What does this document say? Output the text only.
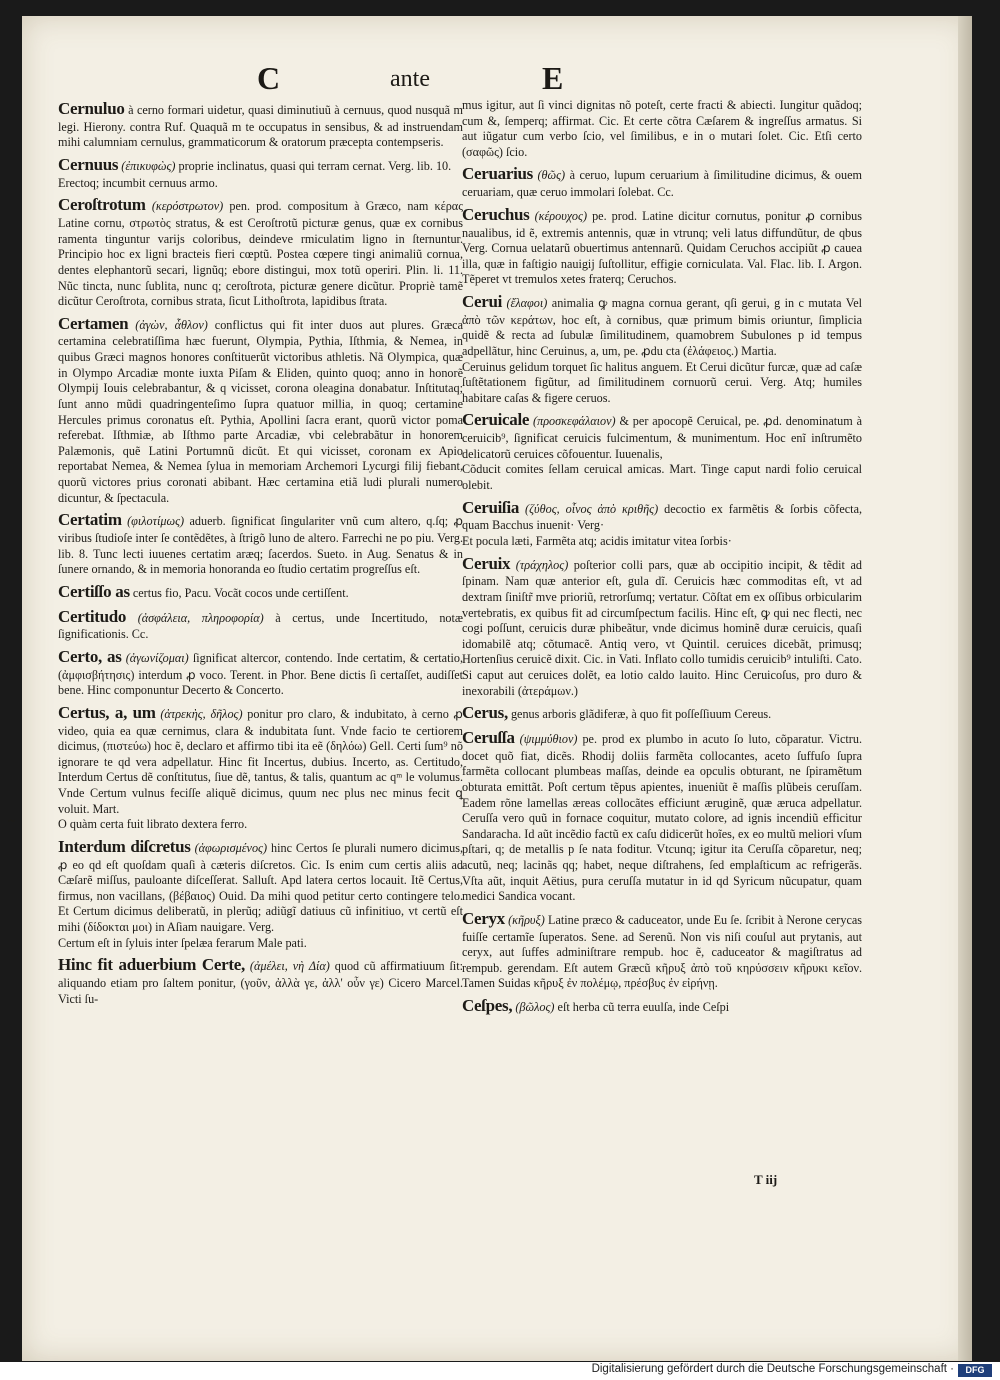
C	ante	E

Cernuluo à cerno formari uidetur, quasi diminutiuũ à cernuus, quod nusquã m legi. Hierony. contra Ruf. Quaquã m te occupatus in sensibus, & ad instruendam mihi calumniam cernulus, grammaticorum & oratorum præcepta contempseris.

Cernuus (ἐπικυφὼς) proprie inclinatus, quasi qui terram cernat. Verg. lib. 10.

Erectoq; incumbit cernuus armo.

Ceroſtrotum (κερόστρωτον) pen. prod. compositum à Græco, nam κέρας Latine cornu, στρωτὸς stratus, & est Ceroſtrotũ picturæ genus, quæ ex cornibus ramenta tinguntur varijs coloribus, deindeve rmiculatim ligno in ſternuntur. Principio hoc ex ligni bracteis fieri cœptũ. Postea cœpere tingi animaliũ cornua, dentes elephantorũ secari, lignũq; ebore distingui, mox totũ operiri. Plin. li. 11. Nũc tincta, nunc ſublita, nunc q; ceroſtrota, picturæ genere dicũtur. Propriè tamẽ dicũtur Ceroſtrota, cornibus strata, ſicut Lithoſtrota, lapidibus ſtrata.

Certamen (ἀγὼν, ἆθλον) conflictus qui fit inter duos aut plures. Græca certamina celebratiſſima hæc fuerunt, Olympia, Pythia, Iſthmia, & Nemea, in quibus Græci magnos honores conſtituerũt victoribus athletis. Nã Olympica, quæ in Olympo Arcadiæ monte iuxta Piſam & Eliden, quinto quoq; anno in honorẽ Olympij Iouis celebrabantur, & q vicisset, corona oleagina donabatur. Inſtitutaq; ſunt anno mũdi quadringenteſimo ſupra quatuor millia, in quoq; certamine Hercules primus coronatus eſt. Pythia, Apollini ſacra erant, quorũ victor poma referebat. Iſthmiæ, ab Iſthmo parte Arcadiæ, vbi celebrabãtur in honorem Palæmonis, quẽ Latini Portumnũ dicũt. Et qui vicisset, coronam ex Apio reportabat Nemea, & Nemea ſylua in memoriam Archemori Lycurgi filij fiebant, quorũ victores prius coronati abibant. Hæc certamina etiã ludi plurali numero dicuntur, & ſpectacula.

Certatim (φιλοτίμως) aduerb. ſignificat ſingulariter vnũ cum altero, q.ſq; ꝓ viribus ſtudioſe inter ſe contẽdẽtes, à ſtrigõ luno de altero. Farrechi ne po piu. Verg. lib. 8. Tunc lecti iuuenes certatim aræq; ſacerdos. Sueto. in Aug. Senatus & in ſunere ornando, & in memoria honoranda eo ſtudio certatim progreſſus eſt.

Certiſſo as certus fio, Pacu. Vocãt cocos unde certiſſent.

Certitudo (ἀσφάλεια, πληροφορία) à certus, unde Incertitudo, notæ ſignificationis. Cc.

Certo, as (ἀγωνίζομαι) ſignificat altercor, contendo. Inde certatim, & certatio, (ἀμφισβήτησις) interdum ꝓ voco. Terent. in Phor. Bene dictis ſi certaſſet, audiſſet bene. Hinc componuntur Decerto & Concerto.

Certus, a, um (ἀτρεκὴς, δῆλος) ponitur pro claro, & indubitato, à cerno ꝓ video, quia ea quæ cernimus, clara & indubitata ſunt. Vnde facio te certiorem dicimus, (πιστεύω) hoc ẽ, declaro et affirmo tibi ita eẽ (δηλόω) Gell. Certi ſum⁹ nõ ignorare te qd vera adpellatur. Hinc fit Incertus, dubius. Incerto, as. Certitudo, Interdum Certus dẽ conſtitutus, ſiue dẽ, tantus, & talis, quantum ac qᵐ le volumus. Vnde Certum vulnus feciſſe aliquẽ dicimus, quum nec plus nec minus fecit ꝗ voluit. Mart.

O quàm certa fuit librato dextera ferro.

Interdum diſcretus (ἀφωρισμένος) hinc Certos ſe plurali numero dicimus, ꝓ eo qd eſt quoſdam quaſi à cæteris diſcretos. Cic. Is enim cum certis aliis ad Cæſarẽ miſſus, pauloante diſceſſerat. Salluſt. Apd latera certos locauit. Itẽ Certus, firmus, non vacillans, (βέβαιος) Ouid. Da mihi quod petitur certo contingere telo. Et Certum dicimus deliberatũ, in plerũq; adiũgĩ datiuus cũ infinitiuo, vt certũ eſt mihi (δίδοκται μοι) in Aſiam nauigare. Verg.

Certum eſt in ſyluis inter ſpelæa ferarum Male pati.

Hinc fit aduerbium Certe, (ἀμέλει, νὴ Δία) quod cũ affirmatiuum ſit: aliquando etiam pro ſaltem ponitur, (γοῦν, ἀλλὰ γε, ἀλλ' οὖν γε) Cicero Marcel. Victi ſu-

mus igitur, aut ſi vinci dignitas nõ poteſt, certe fracti & abiecti. Iungitur quãdoq; cum &, ſemperq; affirmat. Cic. Et certe cõtra Cæſarem & ingreſſus armatus. Si aut iũgatur cum verbo ſcio, vel ſimilibus, e in o mutari ſolet. Cic. Etſi certo (σαφῶς) ſcio.

Ceruarius (θῶς) à ceruo, lupum ceruarium à ſimilitudine dicimus, & ouem ceruariam, quæ ceruo immolari ſolebat. Cc.

Ceruchus (κέρουχος) pe. prod. Latine dicitur cornutus, ponitur ꝓ cornibus naualibus, id ẽ, extremis antennis, quæ in vtrunq; veli latus diffundũtur, de qbus Verg. Cornua uelatarũ obuertimus antennarũ. Quidam Ceruchos accipiũt ꝓ cauea illa, quæ in faſtigio nauigij ſuſtollitur, effigie corniculata. Val. Flac. lib. I. Argon. Tẽperet vt tremulos xetes fraterq; Ceruchos.

Cerui (ἔλαφοι) animalia ꝙ magna cornua gerant, qſi gerui, g in c mutata Vel ἀπὸ τῶν κεράτων, hoc eſt, à cornibus, quæ primum bimis oriuntur, ſimplicia quidẽ & recta ad ſubulæ ſimilitudinem, quamobrem Subulones p id tempus adpellãtur, hinc Ceruinus, a, um, pe. ꝓdu cta (ἐλάφειος.) Martia.

Ceruinus gelidum torquet ſic halitus anguem. Et Cerui dicũtur furcæ, quæ ad caſæ ſuſtẽtationem figũtur, ad ſimilitudinem cornuorũ cerui. Verg. Atq; humiles habitare caſas & figere ceruos.

Ceruicale (προσκεφάλαιον) & per apocopẽ Ceruical, pe. ꝓd. denominatum à ceruicib⁹, ſignificat ceruicis fulcimentum, & munimentum. Hoc enĩ inſtrumẽto delicatorũ ceruices cõfouentur. Iuuenalis,

Cõducit comites ſellam ceruical amicas. Mart. Tinge caput nardi folio ceruical olebit.

Ceruiſia (ζύθος, οἶνος ἀπὸ κριθῆς) decoctio ex farmẽtis & ſorbis cõfecta, quam Bacchus inuenit· Verg·

Et pocula læti, Farmẽta atq; acidis imitatur vitea ſorbis·

Ceruix (τράχηλος) poſterior colli pars, quæ ab occipitio incipit, & tẽdit ad ſpinam. Nam quæ anterior eſt, gula dĩ. Ceruicis hæc commoditas eſt, vt ad dextram ſiniſtr̃ mve prioriũ, retrorſumq; vertatur. Cõſtat em ex oſſibus orbicularim vertebratis, ex quibus fit ad circumſpectum facilis. Hinc eſt, ꝙ qui nec flecti, nec cogi poſſunt, ceruicis duræ phibeãtur, vnde dicimus hominẽ duræ ceruicis, quaſi idomabilẽ atq; cõtumacẽ. Antiq vero, vt Quintil. ceruices dicebãt, primusq; Hortenſius ceruicẽ dixit. Cic. in Vati. Inflato collo tumidis ceruicib⁹ intuliſti. Cato. Si caput aut ceruices dolẽt, ea lotio caldo lauito. Hinc Ceruicoſus, pro duro & inexorabili (ἀτεράμων.)

Cerus, genus arboris glãdiferæ, à quo fit poſſeſſiuum Cereus.

Ceruſſa (ψιμμύθιον) pe. prod ex plumbo in acuto ſo luto, cõparatur. Victru. docet quõ fiat, dicẽs. Rhodij doliis farmẽta collocantes, aceto ſuffuſo ſupra farmẽta collocant plumbeas maſſas, deinde ea opculis obturant, ne ſpiramẽtum obturata emittãt. Poſt certum tẽpus apientes, inueniũt ẽ maſſis plũbeis ceruſſam. Eadem rõne lamellas æreas collocãtes efficiunt æruginẽ, quæ æruca adpellatur. Ceruſſa vero quũ in fornace coquitur, mutato colore, ad ignis incendiũ efficitur Sandaracha. Id aũt incẽdio factũ ex caſu didicerũt hoĩes, ex eo multũ meliori vſum pſtari, q; de metallis p ſe nata foditur. Vtcunq; igitur ita Ceruſſa cõparetur, neq; acutũ, neq; lacinãs qq; habet, neque diſtrahens, ſed emplaſticum ac refrigerãs. Vſta aũt, inquit Aëtius, pura ceruſſa mutatur in id qd Syricum nũcupatur, quam medici Sandica vocant.

Ceryx (κῆρυξ) Latine præco & caduceator, unde Eu ſe. ſcribit à Nerone cerycas fuiſſe certamĩe ſuperatos. Sene. ad Serenũ. Non vis niſi couſul aut prytanis, aut ceryx, aut ſuffes adminiſtrare rempub. hoc ẽ, caduceator & magiſtratus ad rempub. gerendam. Eſt autem Græcũ κῆρυξ ἀπὸ τοῦ κηρύσσειν κῆρυκι κεῖον. Tamen Suidas κῆρυξ ἐν πολέμῳ, πρέσβυς ἐν εἰρήνῃ.

Ceſpes, (βῶλος) eſt herba cũ terra euulſa, inde Ceſpi

T iij
~
Digitalisierung gefördert durch die Deutsche Forschungsgemeinschaft ·	DFG
